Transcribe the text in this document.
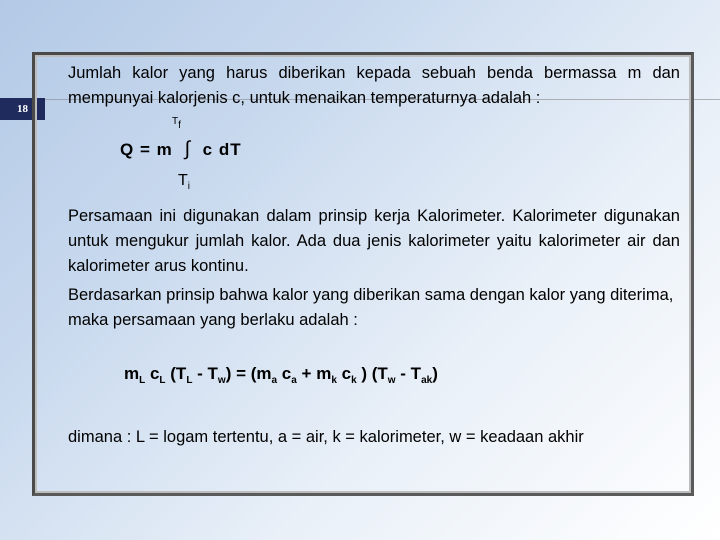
18
Jumlah kalor yang harus diberikan kepada sebuah benda bermassa m dan mempunyai kalorjenis c, untuk menaikan temperaturnya adalah :
$T_f$
Q = m ∫ c dT
$T_i$
Persamaan ini digunakan dalam prinsip kerja Kalorimeter. Kalorimeter digunakan untuk mengukur jumlah kalor. Ada dua jenis kalorimeter yaitu kalorimeter air dan kalorimeter arus kontinu.
Berdasarkan prinsip bahwa kalor yang diberikan sama dengan kalor yang diterima, maka persamaan yang berlaku adalah :
$m_L$ $c_L$ $(T_L - T_w) = (m_a$ $c_a + m_k$ $c_k$ ) $(T_w - T_{ak})$
dimana : L = logam tertentu, a = air, k = kalorimeter, w = keadaan akhir
